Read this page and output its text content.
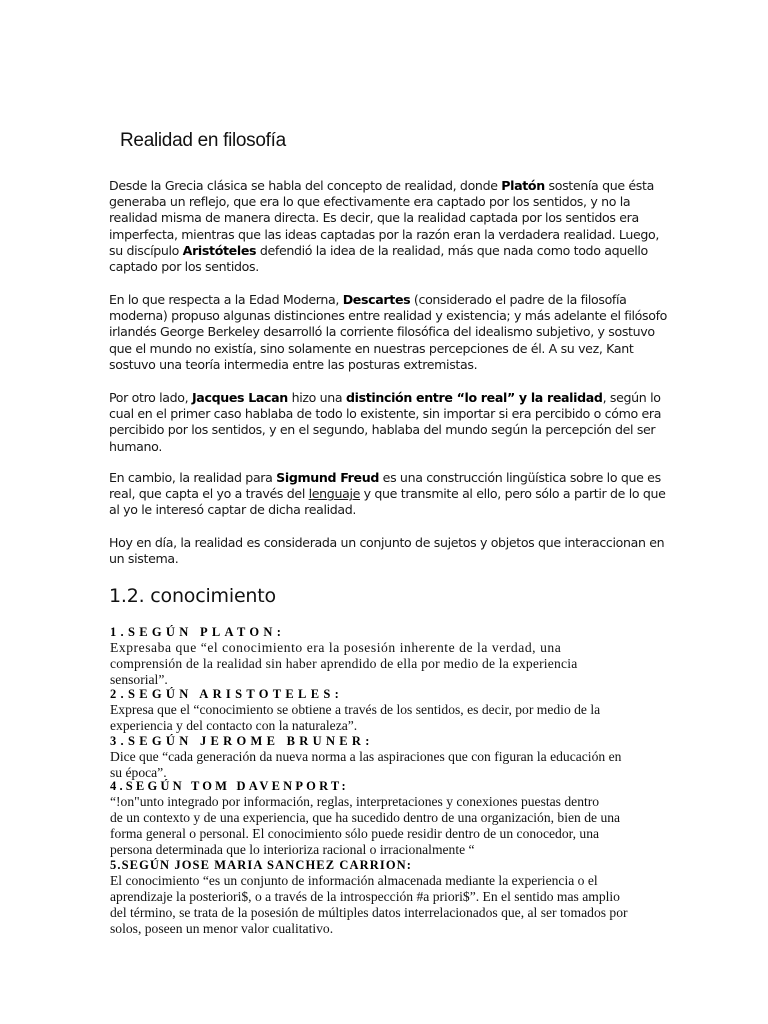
Realidad en filosofía
Desde la Grecia clásica se habla del concepto de realidad, donde Platón sostenía que ésta generaba un reflejo, que era lo que efectivamente era captado por los sentidos, y no la realidad misma de manera directa. Es decir, que la realidad captada por los sentidos era imperfecta, mientras que las ideas captadas por la razón eran la verdadera realidad. Luego, su discípulo Aristóteles defendió la idea de la realidad, más que nada como todo aquello captado por los sentidos.
En lo que respecta a la Edad Moderna, Descartes (considerado el padre de la filosofía moderna) propuso algunas distinciones entre realidad y existencia; y más adelante el filósofo irlandés George Berkeley desarrolló la corriente filosófica del idealismo subjetivo, y sostuvo que el mundo no existía, sino solamente en nuestras percepciones de él. A su vez, Kant sostuvo una teoría intermedia entre las posturas extremistas.
Por otro lado, Jacques Lacan hizo una distinción entre “lo real” y la realidad, según lo cual en el primer caso hablaba de todo lo existente, sin importar si era percibido o cómo era percibido por los sentidos, y en el segundo, hablaba del mundo según la percepción del ser humano.
En cambio, la realidad para Sigmund Freud es una construcción lingüística sobre lo que es real, que capta el yo a través del lenguaje y que transmite al ello, pero sólo a partir de lo que al yo le interesó captar de dicha realidad.
Hoy en día, la realidad es considerada un conjunto de sujetos y objetos que interaccionan en un sistema.
1.2. conocimiento
1.SEGÚN PLATON:
Expresaba que “el conocimiento era la posesión inherente de la verdad, una
comprensión de la realidad sin haber aprendido de ella por medio de la experiencia
sensorial”.
2.SEGÚN ARISTOTELES:
Expresa que el “conocimiento se obtiene a través de los sentidos, es decir, por medio de la
experiencia y del contacto con la naturaleza”.
3.SEGÚN JEROME BRUNER:
Dice que “cada generación da nueva norma a las aspiraciones que con figuran la educación en
su época”.
4.SEGÚN TOM DAVENPORT:
“!on"unto integrado por información, reglas, interpretaciones y conexiones puestas dentro
de un contexto y de una experiencia, que ha sucedido dentro de una organización, bien de una
forma general o personal. El conocimiento sólo puede residir dentro de un conocedor, una
persona determinada que lo interioriza racional o irracionalmente “
5.SEGÚN JOSE MARIA SANCHEZ CARRION:
El conocimiento “es un conjunto de información almacenada mediante la experiencia o el
aprendizaje la posteriori$, o a través de la introspección #a priori$”. En el sentido mas amplio
del término, se trata de la posesión de múltiples datos interrelacionados que, al ser tomados por
solos, poseen un menor valor cualitativo.
